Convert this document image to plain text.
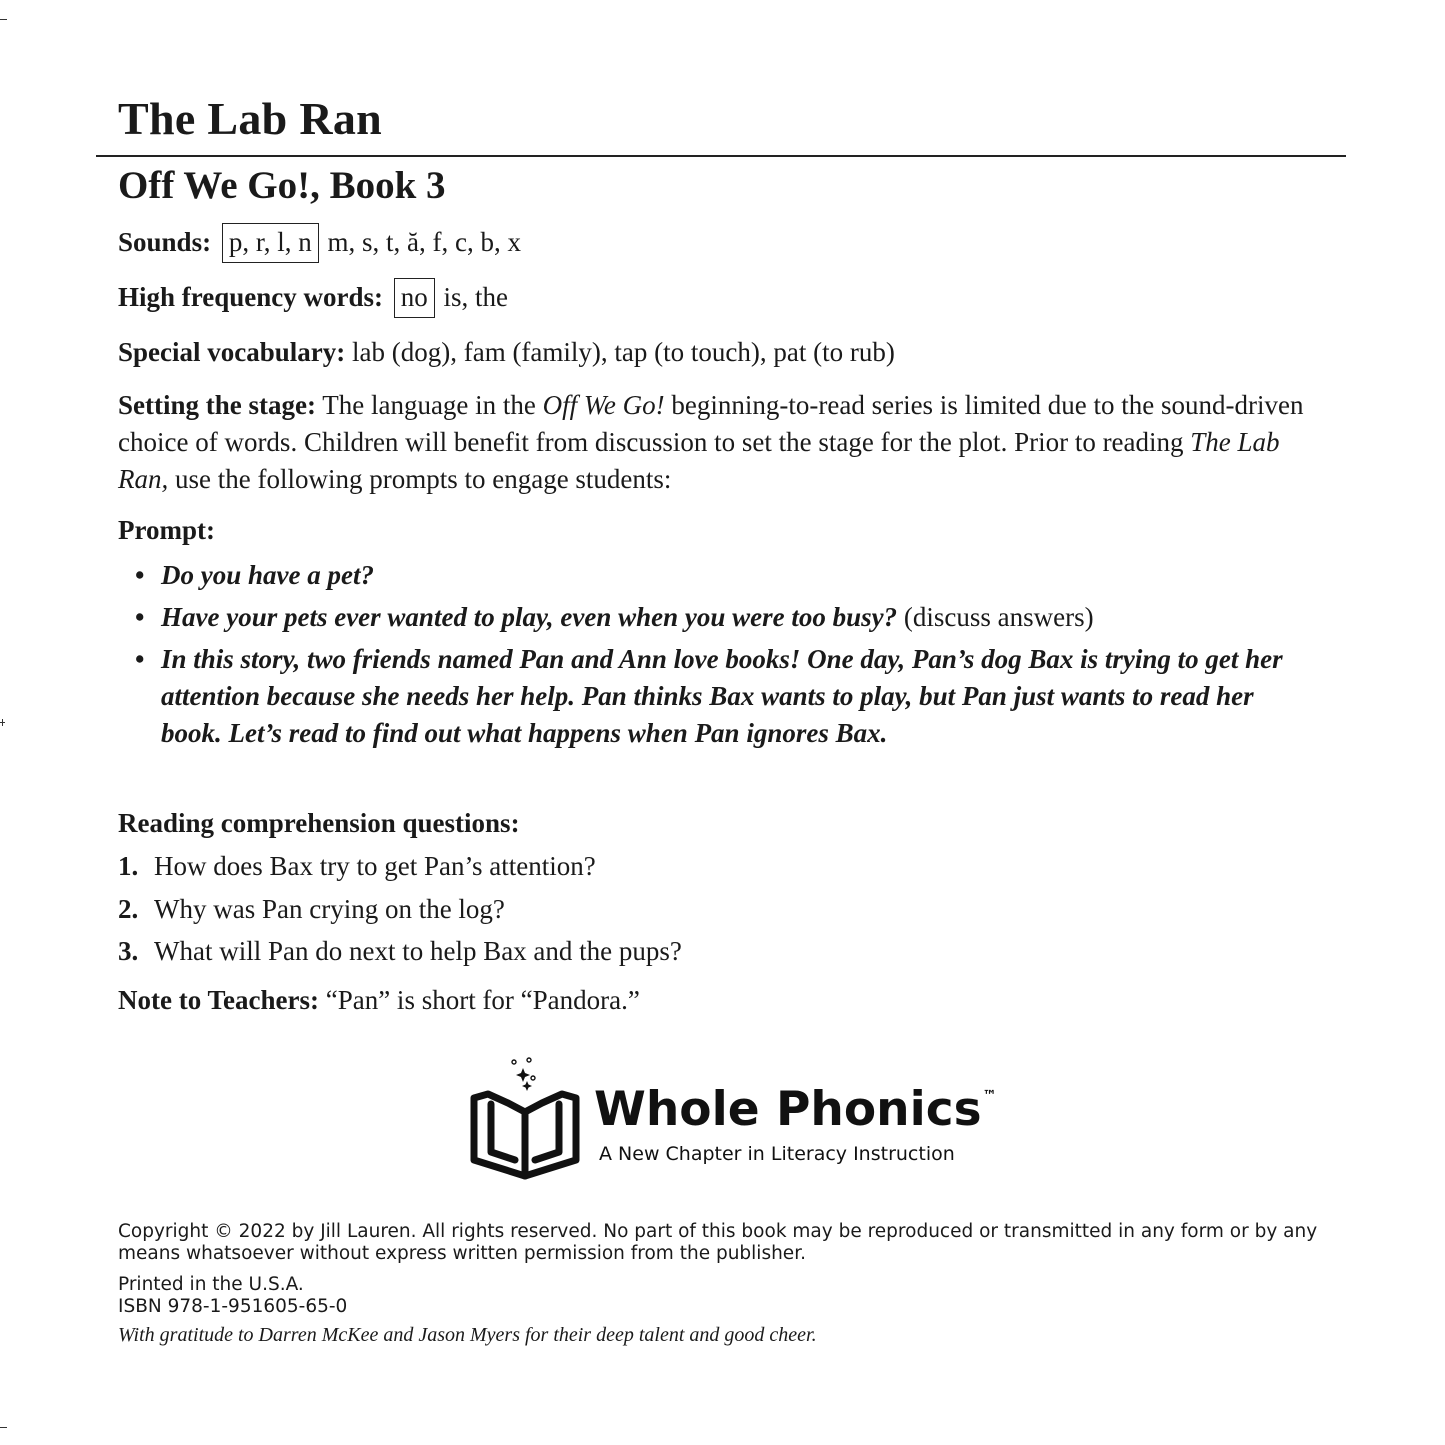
The Lab Ran
Off We Go!, Book 3
Sounds: p, r, l, n m, s, t, ă, f, c, b, x
High frequency words: no is, the
Special vocabulary: lab (dog), fam (family), tap (to touch), pat (to rub)

Setting the stage: The language in the Off We Go! beginning-to-read series is limited due to the sound-driven choice of words. Children will benefit from discussion to set the stage for the plot. Prior to reading The Lab Ran, use the following prompts to engage students:

Prompt:
• Do you have a pet?
• Have your pets ever wanted to play, even when you were too busy? (discuss answers)
• In this story, two friends named Pan and Ann love books! One day, Pan’s dog Bax is trying to get her attention because she needs her help. Pan thinks Bax wants to play, but Pan just wants to read her book. Let’s read to find out what happens when Pan ignores Bax.
Reading comprehension questions:
1. How does Bax try to get Pan’s attention?
2. Why was Pan crying on the log?
3. What will Pan do next to help Bax and the pups?
Note to Teachers: “Pan” is short for “Pandora.”
Whole Phonics™
A New Chapter in Literacy Instruction

Copyright © 2022 by Jill Lauren. All rights reserved. No part of this book may be reproduced or transmitted in any form or by any means whatsoever without express written permission from the publisher.

Printed in the U.S.A.

ISBN 978-1-951605-65-0

With gratitude to Darren McKee and Jason Myers for their deep talent and good cheer.
